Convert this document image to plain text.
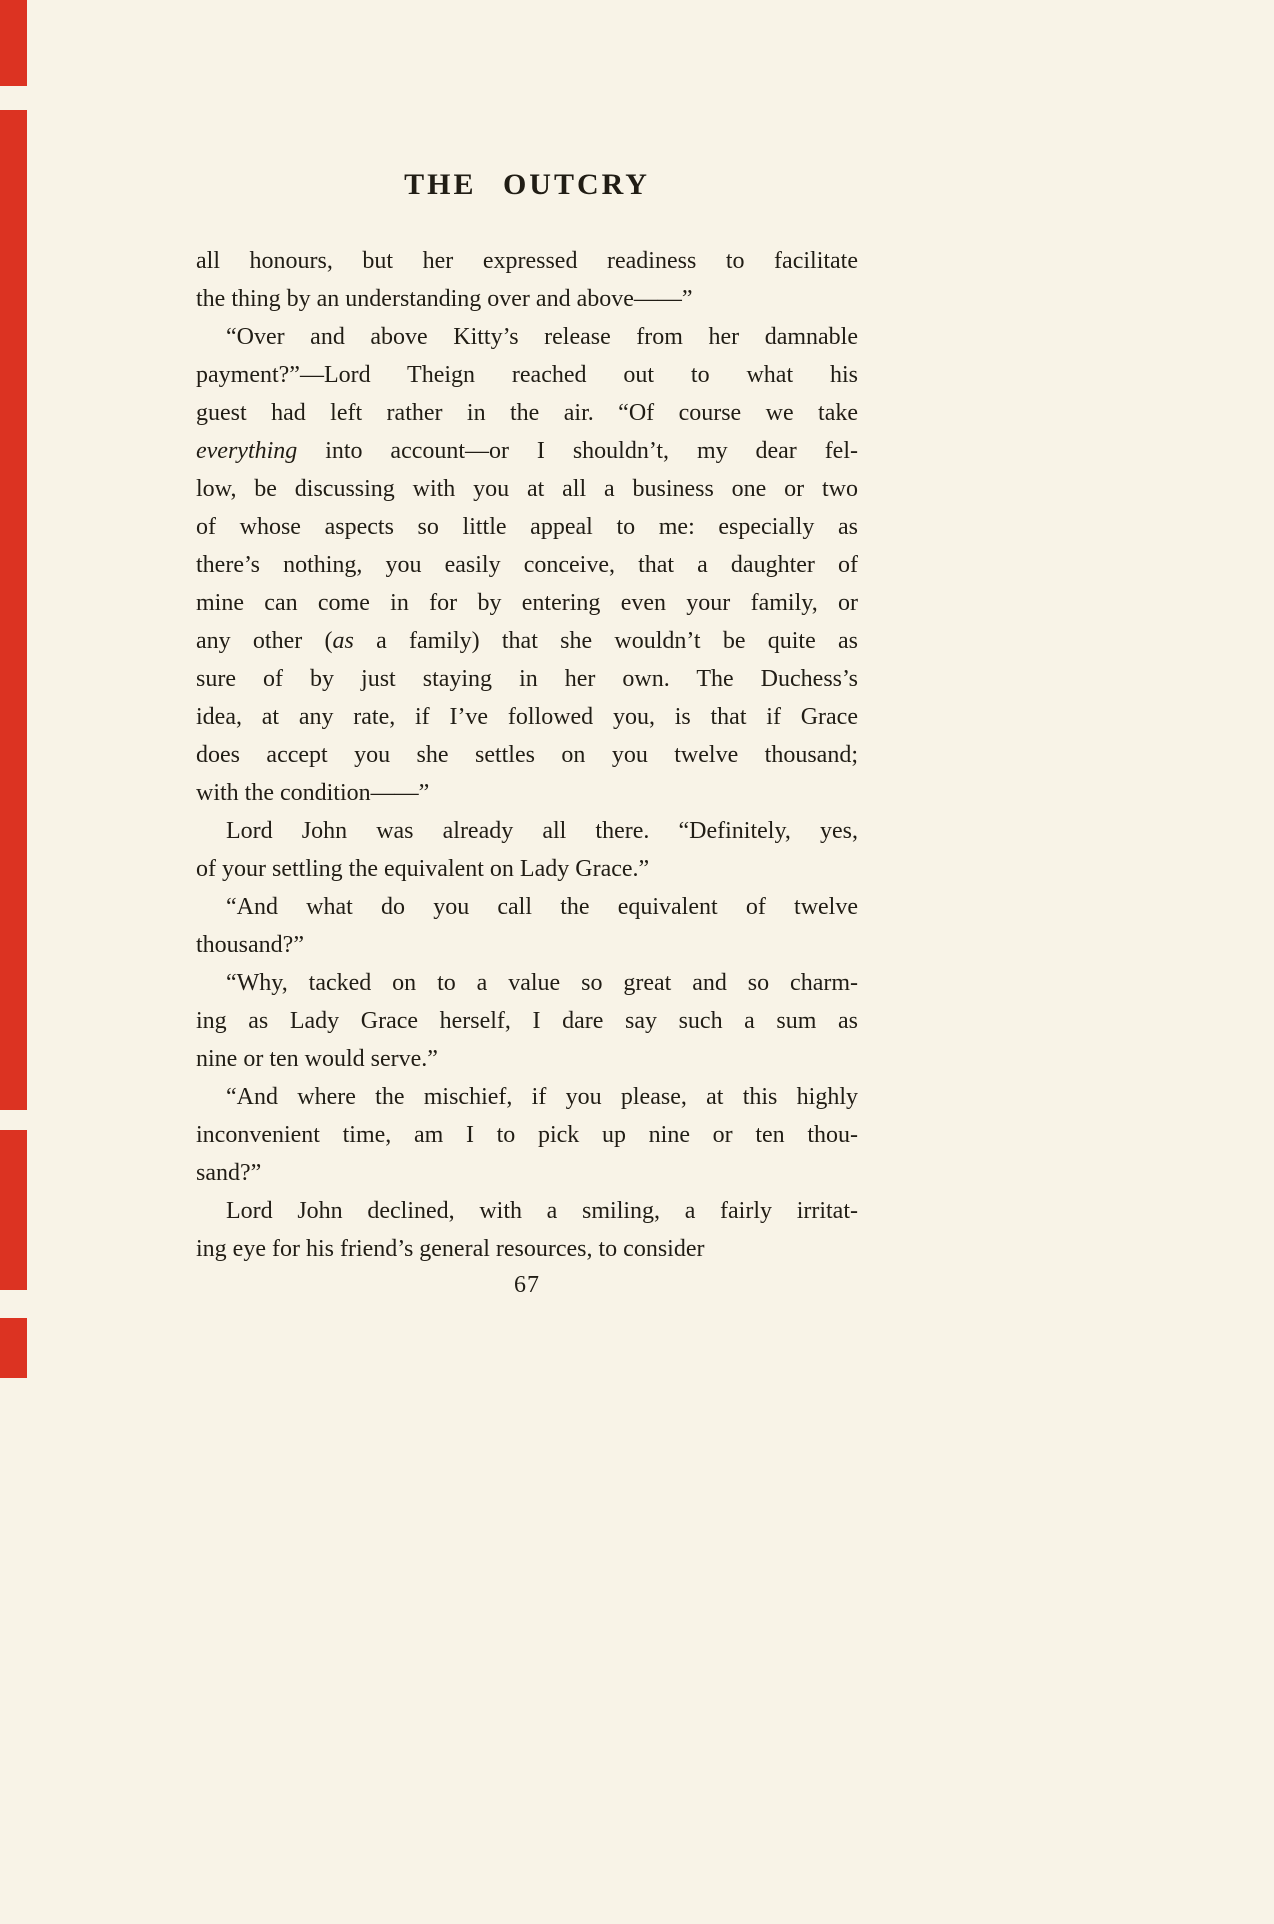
THE OUTCRY
all honours, but her expressed readiness to facilitate
the thing by an understanding over and above——”
“Over and above Kitty’s release from her damnable
payment?”—Lord Theign reached out to what his
guest had left rather in the air. “Of course we take
everything into account—or I shouldn’t, my dear fel-
low, be discussing with you at all a business one or two
of whose aspects so little appeal to me: especially as
there’s nothing, you easily conceive, that a daughter of
mine can come in for by entering even your family, or
any other (as a family) that she wouldn’t be quite as
sure of by just staying in her own. The Duchess’s
idea, at any rate, if I’ve followed you, is that if Grace
does accept you she settles on you twelve thousand;
with the condition——”
Lord John was already all there. “Definitely, yes,
of your settling the equivalent on Lady Grace.”
“And what do you call the equivalent of twelve
thousand?”
“Why, tacked on to a value so great and so charm-
ing as Lady Grace herself, I dare say such a sum as
nine or ten would serve.”
“And where the mischief, if you please, at this highly
inconvenient time, am I to pick up nine or ten thou-
sand?”
Lord John declined, with a smiling, a fairly irritat-
ing eye for his friend’s general resources, to consider
67
